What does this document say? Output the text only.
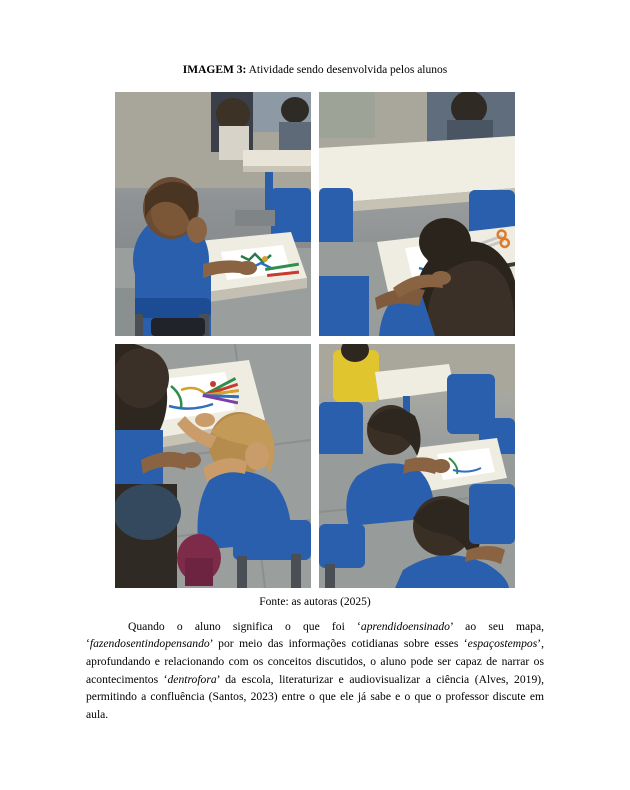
IMAGEM 3: Atividade sendo desenvolvida pelos alunos

Fonte: as autoras (2025)

Quando o aluno significa o que foi ‘aprendidoensinado’ ao seu mapa, ‘fazendosentindopensando’ por meio das informações cotidianas sobre esses ‘espaçostempos’, aprofundando e relacionando com os conceitos discutidos, o aluno pode ser capaz de narrar os acontecimentos ‘dentrofora’ da escola, literaturizar e audiovisualizar a ciência (Alves, 2019), permitindo a confluência (Santos, 2023) entre o que ele já sabe e o que o professor discute em aula.
